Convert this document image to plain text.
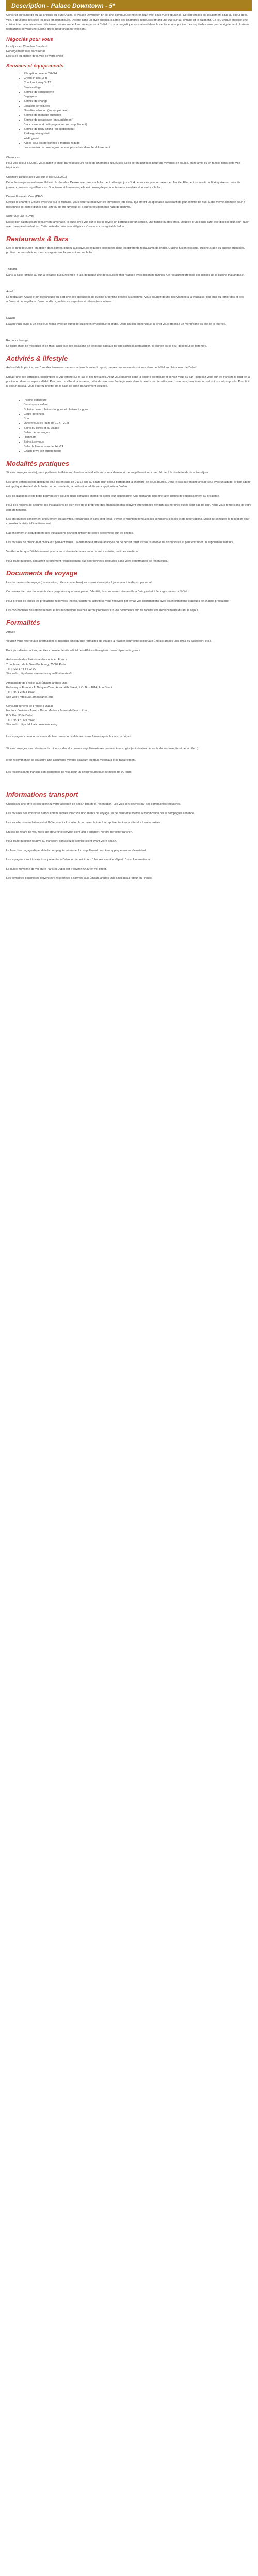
Description - Palace Downtown - 5*

Construit sur la berge du lac artificiel du Burj Khalifa, le Palace Downtown 5* est une somptueuse hôtel en haut rivet sous vue d'opulence. Ce cinq étoiles est idéalement situé au coeur de la ville, à deux pas des sites les plus emblématiques. Décoré dans un style oriental, il abrite des chambres luxueuses offrant une vue sur la Fontaine et le bâtiment. Ce lieu unique propose une cuisine internationale et une délicieuse cuisine arabe. Une vraie pause à l'hôtel. Un spa magnifique vous attend dans le centre et une piscine. Le cinq étoiles vous permet également plusieurs restaurants servant une cuisine gréco-haut voyageur exigeant.

Négociés pour vous

Le séjour en Chambre Standard
Hébergement seul, sans repas
Les vues qui départ de la ville de votre choix

Services et équipements
• Réception ouverte 24h/24
• Check-in dès 15 h
• Check-out jusqu'à 12 h
• Service étage
• Service de conciergerie
• Bagagerie
• Service de change
• Location de voitures
• Navettes aéroport (en supplément)
• Service de ménage quotidien
• Service de repassage (en supplément)
• Blanchisserie et nettoyage à sec (en supplément)
• Service de baby-sitting (en supplément)
• Parking privé gratuit
• Wi-Fi gratuit
• Accès pour les personnes à mobilité réduite
• Les animaux de compagnie ne sont pas admis dans l'établissement

Chambres

Pour vos séjour à Dubaï, vous aurez le choix parmi plusieurs types de chambres luxueuses. Elles seront parfaites pour vos voyages en couple, entre amis ou en famille dans cette ville trépidante.

Chambre Deluxe avec vue sur le lac (DELUXE)

Décorées en parement entre élaboré, la chambre Deluxe avec vue sur le lac peut héberger jusqu'à 4 personnes pour un séjour en famille. Elle peut se confir un lit king size ou deux lits jumeaux, selon vos préférences. Spacieuse et lumineuse, elle est prolongée par une terrasse meublée donnant sur le lac.

Deluxe Fountain View (DFV)

Depuis la chambre Deluxe avec vue sur la fontaine, vous pourrez observer les immenses jets d'eau qui offrent un spectacle saisissant de jour comme de nuit. Cette même chambre pour 4 personnes est dotée d'un lit king size ou de lits jumeaux et d'autres équipements haut de gamme.

Suite Vue Lac (SLVB)

Dotée d'un salon séparé idéalement aménagé, la suite avec vue sur le lac se révèle un partout pour un couple, une famille ou des amis. Meublée d'un lit king size, elle dispose d'un coin salon avec canapé et un balcon. Cette suite décorée avec élégance s'ouvre sur un agréable balcon.

Restaurants & Bars

Dès le petit déjeuner (en option dans l'offre), goûtez aux saveurs exquises proposées dans les différents restaurants de l'hôtel. Cuisine fusion exotique, cuisine arabe ou encore orientales, profitez de mets délicieux tout en appréciant la vue unique sur le lac.

Thiptara

Dans la salle raffinée au sur la terrasse qui surplombe le lac, dégustez une de la cuisine thaï réalisée avec des mets raffinés. Ce restaurant propose des délices de la cuisine thaïlandaise.

Asado

Le restaurant Asado et un steakhouse qui sert une des spécialités de cuisine argentine grillées à la flamme. Vous pourrez goûter des viandes à la française, des crus du terroir des et des arômes si de la grillade. Dans ce décor, ambiance argentine et décorations intimes.

Ewaan

Ewaan vous invite à un délicieux repas avec un buffet de cuisine internationale et arabe. Dans un lieu authentique, le chef vous propose un menu varié au gré de la journée.

Rumours Lounge

Le large choix de mocktails et de thés, ainsi que des collations de délicieux gâteaux de spécialités la restauration, le lounge est le lieu idéal pour se détendre.

Activités & lifestyle

Au bord de la piscine, sur l'une des terrasses, ou au spa dans la suite du sport, passez des moments uniques dans cet hôtel en plein coeur de Dubaï.

Dubaï l'une des terrasses, contemplez la vue offerte sur le lac et ses fontaines. Allez vous baigner dans la piscine extérieure et servez-vous au bar. Reposez-vous sur les transats le long de la piscine ou dans un espace dédié. Parcourez la ville et la terrasse, détendez-vous en fin de journée dans le centre de bien-être avec hammam, bain à remous et soins sont proposés. Pour finir, le coeur du spa. Vous pourrez profiter de la salle de sport parfaitement équipée.

• Piscine extérieure
• Bassin pour enfant
• Solarium avec chaises longues et chaises longues
• Cours de fitness
• Spa
• Ouvert tous les jours de 10 h - 21 h
• Soins du corps et du visage
• Salles de massages
• Hammam
• Bains à remous
• Salle de fitness ouverte 24h/24
• Coach privé (en supplément)
Modalités pratiques

Si vous voyagez seul(e), un supplément tarifaire en chambre individuelle vous sera demandé. Le supplément sera calculé par à la durée totale de votre séjour.

Les tarifs enfant seront appliqués pour les enfants de 2 à 12 ans au cours d'un séjour partageant la chambre de deux adultes. Dans le cas où l'enfant voyage seul avec un adulte, le tarif adulte est appliqué. Au-delà de la limite de deux enfants, la tarification adulte sera appliquée à l'enfant.

Les lits d'appoint et lits bébé peuvent être ajoutés dans certaines chambres selon leur disponibilité. Une demande doit être faite auprès de l'établissement au préalable.

Pour des raisons de sécurité, les installations de bien-être de la propriété des établissements peuvent être fermées pendant les horaires qui ne sont pas de jour. Nous vous remercions de votre compréhension.

Les prix publiés concernent uniquement les activités, restaurants et bars sont tenus d'avoir le maintien de toutes les conditions d'accès et de réservations. Merci de consulter la réception pour consulter la visite à l'établissement.

L'agencement et l'équipement des installations peuvent différer de celles présentées sur les photos.

Les horaires de check-in et check-out peuvent varier. La demande d'arrivée anticipée ou de départ tardif est sous réserve de disponibilité et peut entraîner un supplément tarifaire.

Veuillez noter que l'établissement pourra vous demander une caution à votre arrivée, restituée au départ.

Pour toute question, contactez directement l'établissement aux coordonnées indiquées dans votre confirmation de réservation.

Documents de voyage

Les documents de voyage (convocation, billets et vouchers) vous seront envoyés 7 jours avant le départ par email.

Conservez bien vos documents de voyage ainsi que votre pièce d'identité, ils vous seront demandés à l'aéroport et à l'enregistrement à l'hôtel.

Pour profiter de toutes les prestations réservées (hôtels, transferts, activités), vous recevrez par email vos confirmations avec les informations pratiques de chaque prestataire.

Les coordonnées de l'établissement et les informations d'accès seront précisées sur vos documents afin de faciliter vos déplacements durant le séjour.

Formalités

Arrivée

Veuillez vous référer aux informations ci-dessous ainsi qu'aux formalités de voyage à réaliser pour votre séjour aux Émirats arabes unis (visa ou passeport, etc.).

Pour plus d'informations, veuillez consulter le site officiel des Affaires étrangères : www.diplomatie.gouv.fr

Ambassade des Émirats arabes unis en France
2 boulevard de la Tour-Maubourg, 75007 Paris
Tél : +33 1 44 34 02 00
Site web : http://www.uae-embassy.ae/Embassies/fr

Ambassade de France aux Émirats arabes unis
Embassy of France - Al Nahyan Camp Area - 4th Street, P.O. Box 4014, Abu Dhabi
Tél : +971 2 813 1000
Site web : https://ae.ambafrance.org

Consulat général de France à Dubaï
Habtoor Business Tower - Dubai Marina - Jumeirah Beach Road
P.O. Box 3314 Dubaï
Tél : +971 4 408 4900
Site web : https://dubai.consulfrance.org

Les voyageurs devront se munir de leur passeport valide au moins 6 mois après la date du départ.

Si vous voyagez avec des enfants mineurs, des documents supplémentaires peuvent être exigés (autorisation de sortie du territoire, livret de famille...).

Il est recommandé de souscrire une assurance voyage couvrant les frais médicaux et le rapatriement.

Les ressortissants français sont dispensés de visa pour un séjour touristique de moins de 90 jours.

Informations transport

Choisissez une offre et sélectionnez votre aéroport de départ lors de la réservation. Les vols sont opérés par des compagnies régulières.

Les horaires des vols vous seront communiqués avec vos documents de voyage. Ils peuvent être soumis à modification par la compagnie aérienne.

Les transferts entre l'aéroport et l'hôtel sont inclus selon la formule choisie. Un représentant vous attendra à votre arrivée.

En cas de retard de vol, merci de prévenir le service client afin d'adapter l'horaire de votre transfert.

Pour toute question relative au transport, contactez le service client avant votre départ.

Le franchise bagage dépend de la compagnie aérienne. Un supplément peut être appliqué en cas d'excédent.

Les voyageurs sont invités à se présenter à l'aéroport au minimum 3 heures avant le départ d'un vol international.

La durée moyenne de vol entre Paris et Dubaï est d'environ 6h30 en vol direct.

Les formalités douanières doivent être respectées à l'arrivée aux Émirats arabes unis ainsi qu'au retour en France.
